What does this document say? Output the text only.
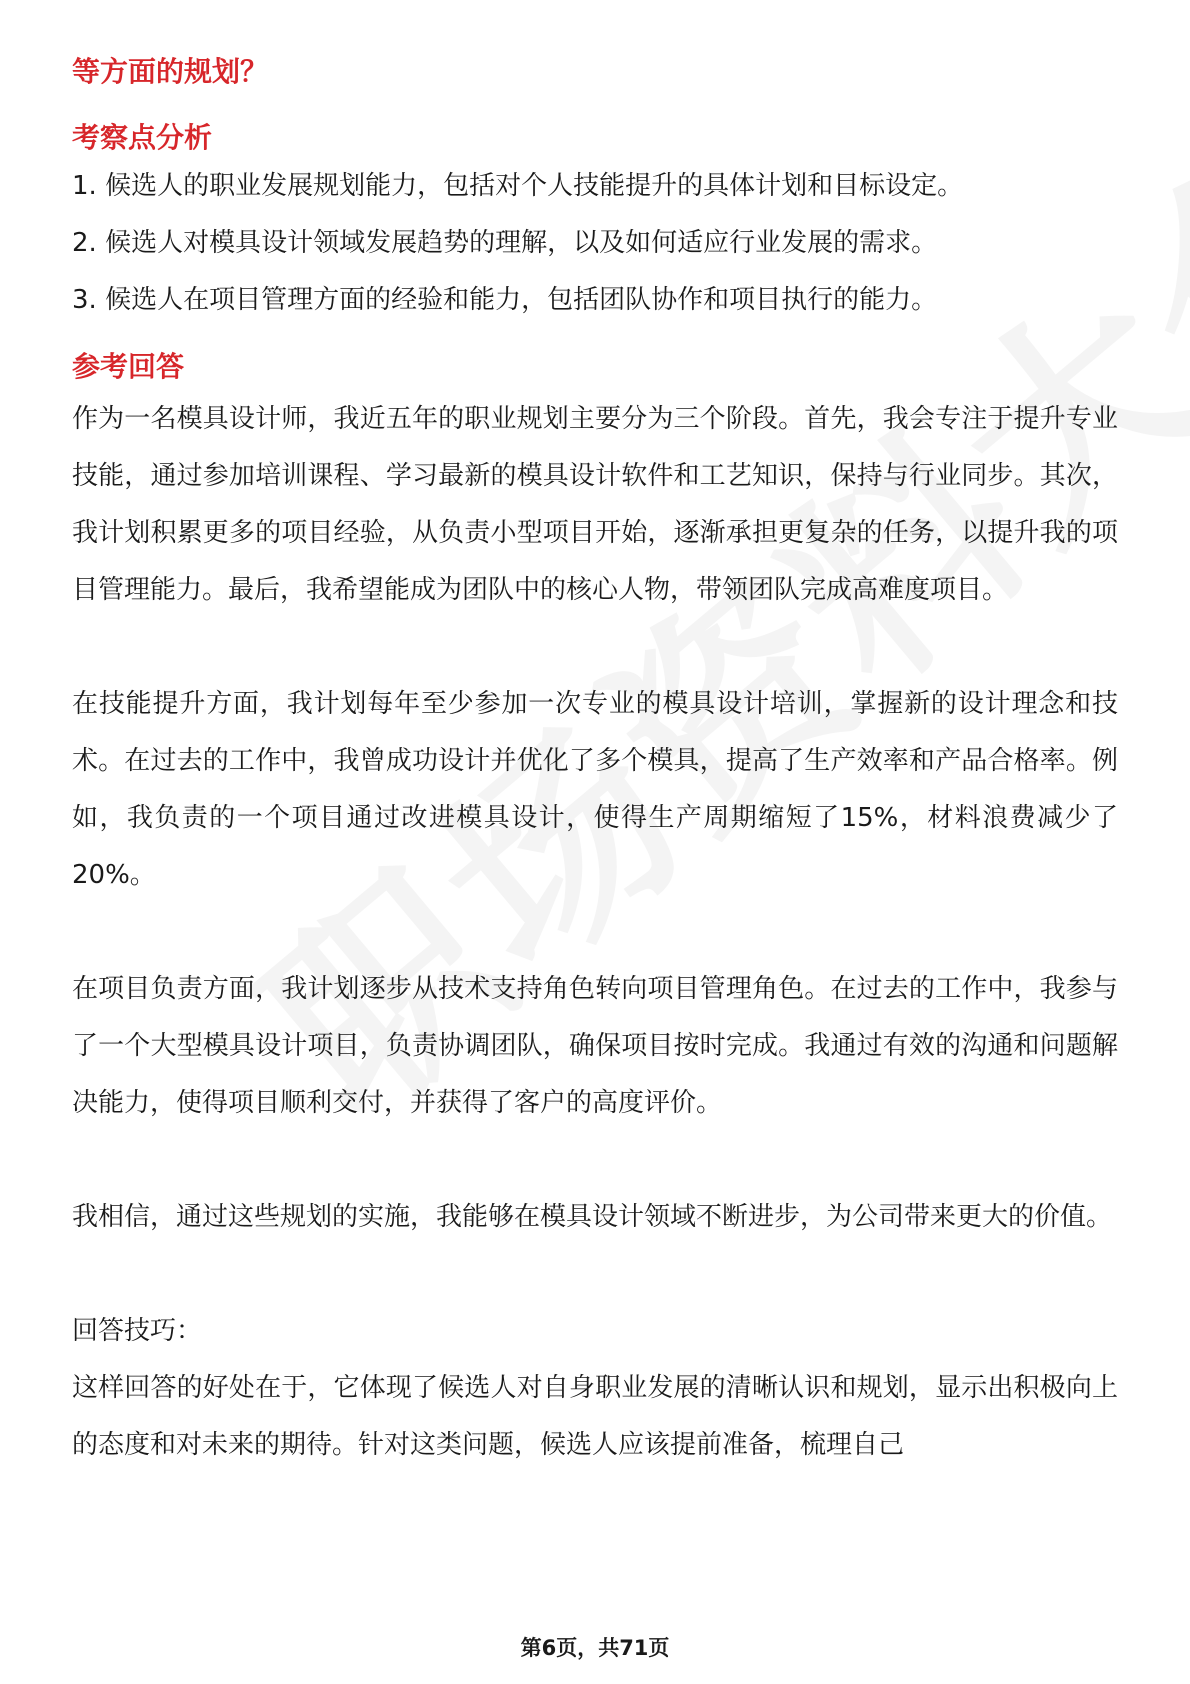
等方面的规划？

考察点分析

1. 候选人的职业发展规划能力，包括对个人技能提升的具体计划和目标设定。

2. 候选人对模具设计领域发展趋势的理解，以及如何适应行业发展的需求。

3. 候选人在项目管理方面的经验和能力，包括团队协作和项目执行的能力。

参考回答

作为一名模具设计师，我近五年的职业规划主要分为三个阶段。首先，我会专注于提升专业技能，通过参加培训课程、学习最新的模具设计软件和工艺知识，保持与行业同步。其次，我计划积累更多的项目经验，从负责小型项目开始，逐渐承担更复杂的任务，以提升我的项目管理能力。最后，我希望能成为团队中的核心人物，带领团队完成高难度项目。

在技能提升方面，我计划每年至少参加一次专业的模具设计培训，掌握新的设计理念和技术。在过去的工作中，我曾成功设计并优化了多个模具，提高了生产效率和产品合格率。例如，我负责的一个项目通过改进模具设计，使得生产周期缩短了15%，材料浪费减少了20%。

在项目负责方面，我计划逐步从技术支持角色转向项目管理角色。在过去的工作中，我参与了一个大型模具设计项目，负责协调团队，确保项目按时完成。我通过有效的沟通和问题解决能力，使得项目顺利交付，并获得了客户的高度评价。

我相信，通过这些规划的实施，我能够在模具设计领域不断进步，为公司带来更大的价值。

回答技巧：

这样回答的好处在于，它体现了候选人对自身职业发展的清晰认识和规划，显示出积极向上的态度和对未来的期待。针对这类问题，候选人应该提前准备，梳理自己

第6页，共71页
